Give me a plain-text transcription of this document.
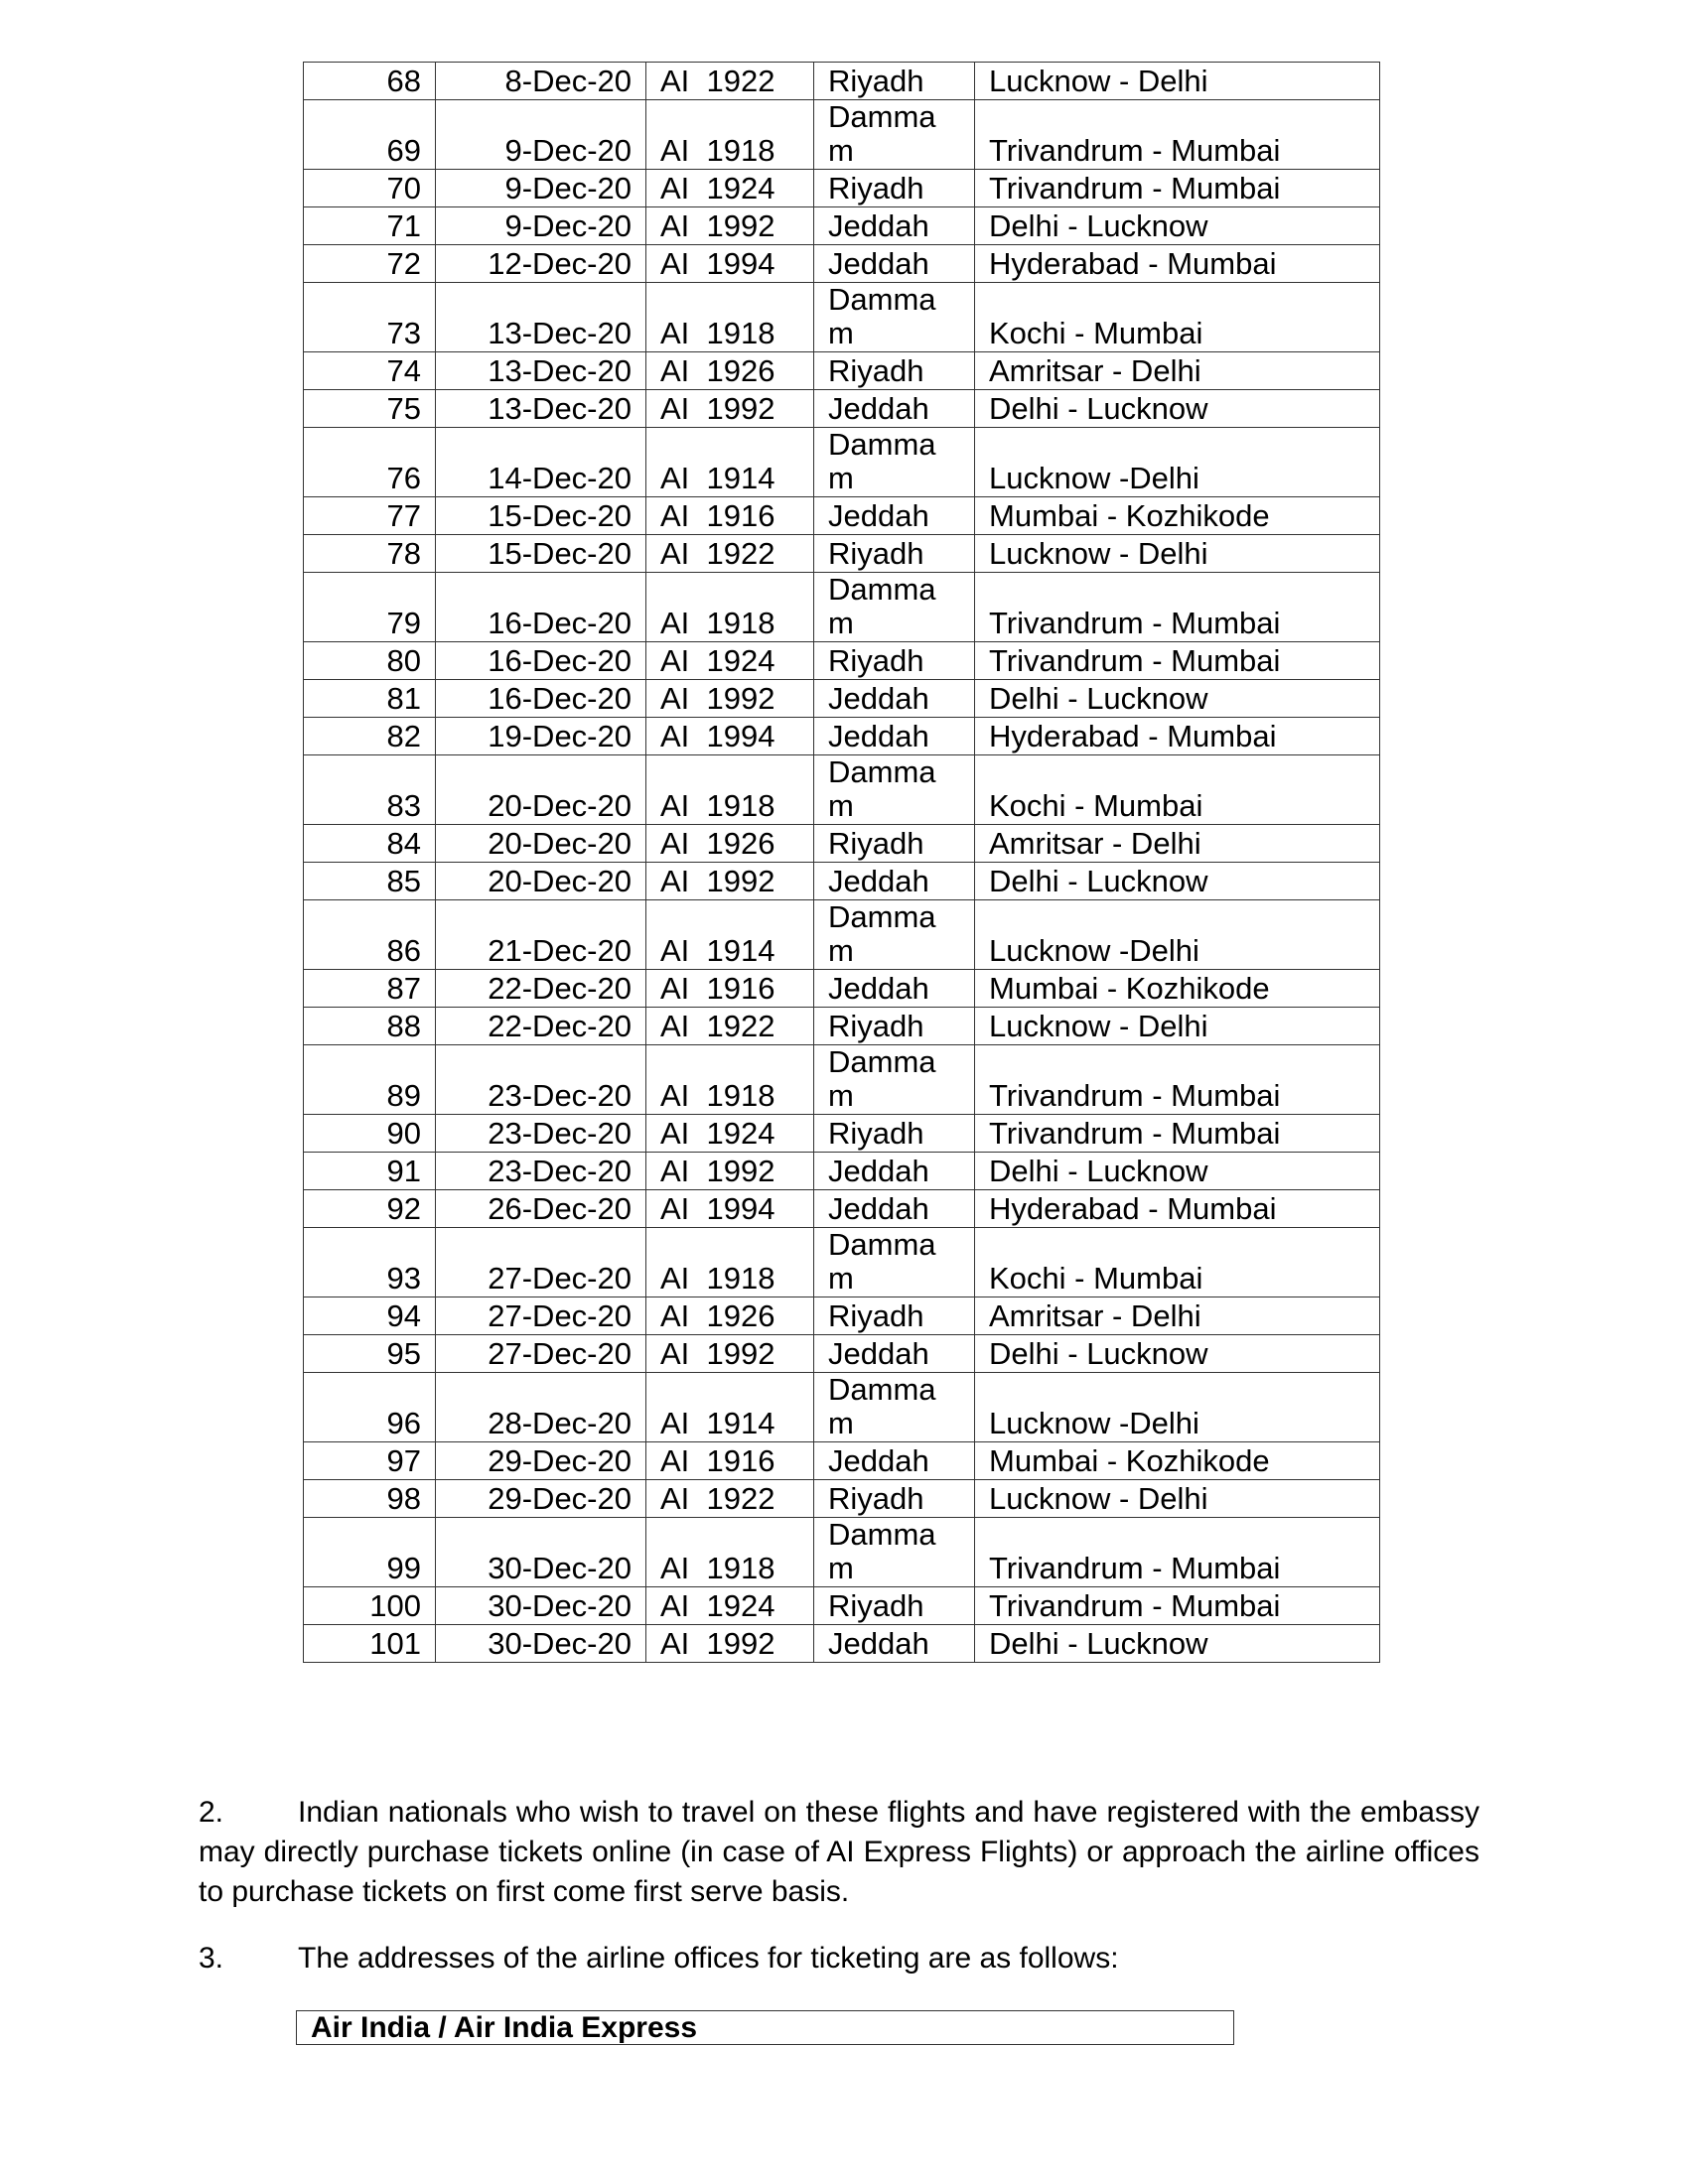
68	8-Dec-20	AI  1922	Riyadh	Lucknow - Delhi
69	9-Dec-20	AI  1918	Dammam	Trivandrum - Mumbai
70	9-Dec-20	AI  1924	Riyadh	Trivandrum - Mumbai
71	9-Dec-20	AI  1992	Jeddah	Delhi - Lucknow
72	12-Dec-20	AI  1994	Jeddah	Hyderabad - Mumbai
73	13-Dec-20	AI  1918	Dammam	Kochi - Mumbai
74	13-Dec-20	AI  1926	Riyadh	Amritsar - Delhi
75	13-Dec-20	AI  1992	Jeddah	Delhi - Lucknow
76	14-Dec-20	AI  1914	Dammam	Lucknow -Delhi
77	15-Dec-20	AI  1916	Jeddah	Mumbai - Kozhikode
78	15-Dec-20	AI  1922	Riyadh	Lucknow - Delhi
79	16-Dec-20	AI  1918	Dammam	Trivandrum - Mumbai
80	16-Dec-20	AI  1924	Riyadh	Trivandrum - Mumbai
81	16-Dec-20	AI  1992	Jeddah	Delhi - Lucknow
82	19-Dec-20	AI  1994	Jeddah	Hyderabad - Mumbai
83	20-Dec-20	AI  1918	Dammam	Kochi - Mumbai
84	20-Dec-20	AI  1926	Riyadh	Amritsar - Delhi
85	20-Dec-20	AI  1992	Jeddah	Delhi - Lucknow
86	21-Dec-20	AI  1914	Dammam	Lucknow -Delhi
87	22-Dec-20	AI  1916	Jeddah	Mumbai - Kozhikode
88	22-Dec-20	AI  1922	Riyadh	Lucknow - Delhi
89	23-Dec-20	AI  1918	Dammam	Trivandrum - Mumbai
90	23-Dec-20	AI  1924	Riyadh	Trivandrum - Mumbai
91	23-Dec-20	AI  1992	Jeddah	Delhi - Lucknow
92	26-Dec-20	AI  1994	Jeddah	Hyderabad - Mumbai
93	27-Dec-20	AI  1918	Dammam	Kochi - Mumbai
94	27-Dec-20	AI  1926	Riyadh	Amritsar - Delhi
95	27-Dec-20	AI  1992	Jeddah	Delhi - Lucknow
96	28-Dec-20	AI  1914	Dammam	Lucknow -Delhi
97	29-Dec-20	AI  1916	Jeddah	Mumbai - Kozhikode
98	29-Dec-20	AI  1922	Riyadh	Lucknow - Delhi
99	30-Dec-20	AI  1918	Dammam	Trivandrum - Mumbai
100	30-Dec-20	AI  1924	Riyadh	Trivandrum - Mumbai
101	30-Dec-20	AI  1992	Jeddah	Delhi - Lucknow

2. Indian nationals who wish to travel on these flights and have registered with the embassy may directly purchase tickets online (in case of AI Express Flights) or approach the airline offices to purchase tickets on first come first serve basis.

3. The addresses of the airline offices for ticketing are as follows:

Air India / Air India Express
